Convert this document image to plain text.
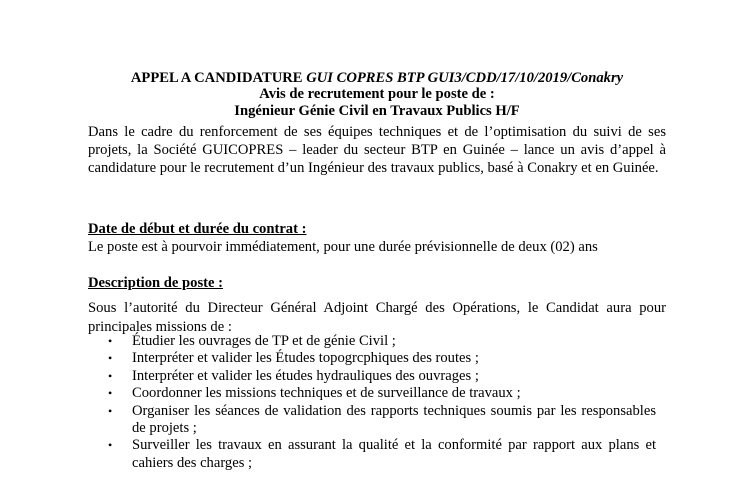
APPEL A CANDIDATURE GUI COPRES BTP GUI3/CDD/17/10/2019/Conakry
Avis de recrutement pour le poste de :
Ingénieur Génie Civil en Travaux Publics H/F
Dans le cadre du renforcement de ses équipes techniques et de l’optimisation du suivi de ses projets, la Société GUICOPRES – leader du secteur BTP en Guinée – lance un avis d’appel à candidature pour le recrutement d’un Ingénieur des travaux publics, basé à Conakry et en Guinée.
Date de début et durée du contrat :
Le poste est à pourvoir immédiatement, pour une durée prévisionnelle de deux (02) ans
Description de poste :
Sous l’autorité du Directeur Général Adjoint Chargé des Opérations, le Candidat aura pour principales missions de :
• Étudier les ouvrages de TP et de génie Civil ;
• Interpréter et valider les Études topogrcphiques des routes ;
• Interpréter et valider les études hydrauliques des ouvrages ;
• Coordonner les missions techniques et de surveillance de travaux ;
• Organiser les séances de validation des rapports techniques soumis par les responsables de projets ;
• Surveiller les travaux en assurant la qualité et la conformité par rapport aux plans et cahiers des charges ;
